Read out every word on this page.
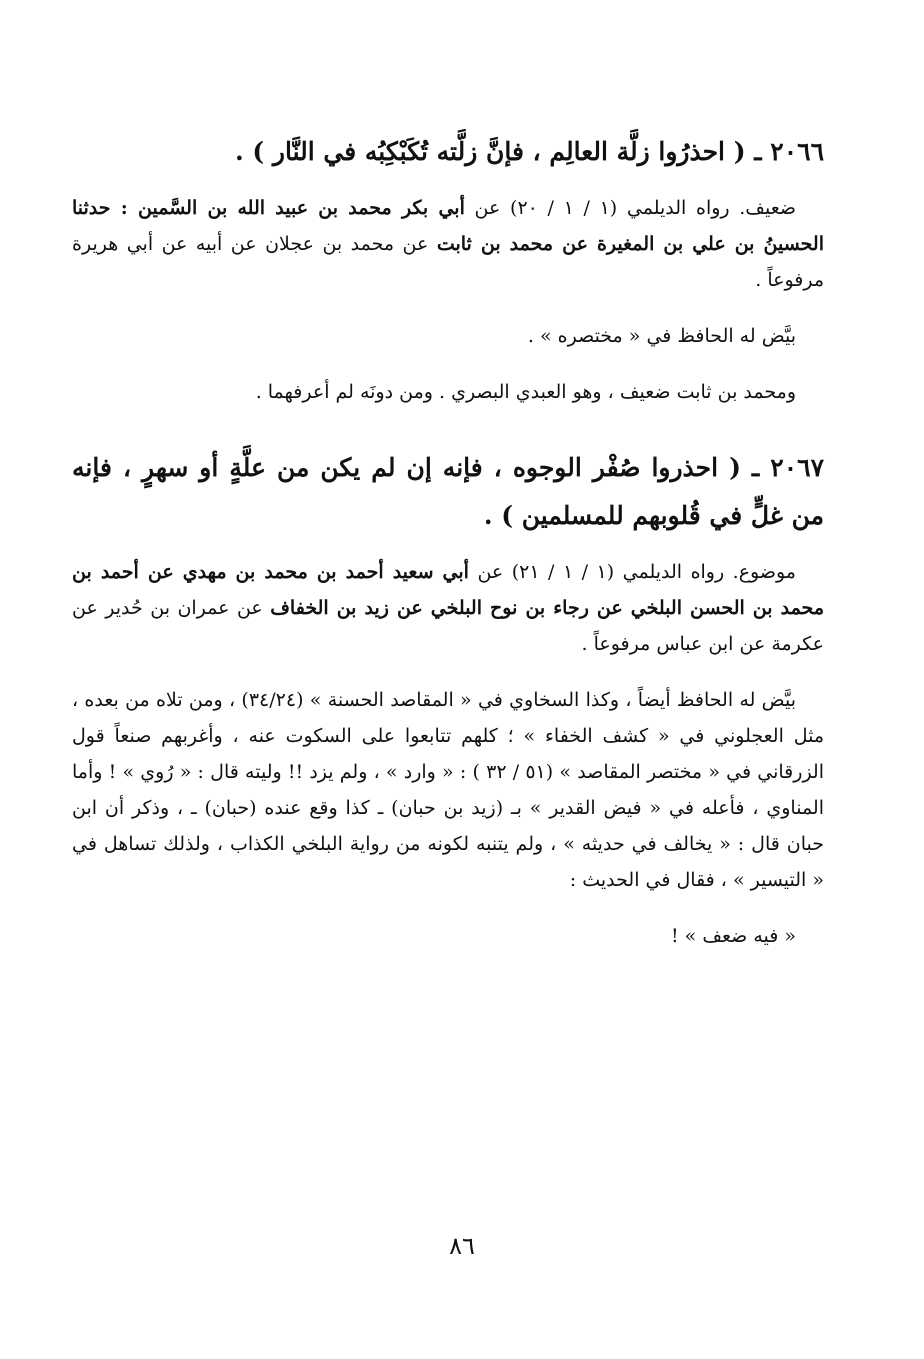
٢٠٦٦ ـ ( احذرُوا زلَّة العالِم ، فإنَّ زلَّته تُكَبْكِبُه في النَّار ) .

ضعيف. رواه الديلمي (١ / ١ / ٢٠) عن أبي بكر محمد بن عبيد الله بن السَّمين : حدثنا الحسينُ بن علي بن المغيرة عن محمد بن ثابت عن محمد بن عجلان عن أبيه عن أبي هريرة مرفوعاً .

بيَّض له الحافظ في « مختصره » .

ومحمد بن ثابت ضعيف ، وهو العبدي البصري . ومن دونَه لم أعرفهما .

٢٠٦٧ ـ ( احذروا صُفْر الوجوه ، فإنه إن لم يكن من علَّةٍ أو سهرٍ ، فإنه من غلٍّ في قُلوبهم للمسلمين ) .

موضوع. رواه الديلمي (١ / ١ / ٢١) عن أبي سعيد أحمد بن محمد بن مهدي عن أحمد بن محمد بن الحسن البلخي عن رجاء بن نوح البلخي عن زيد بن الخفاف عن عمران بن حُدير عن عكرمة عن ابن عباس مرفوعاً .

بيَّض له الحافظ أيضاً ، وكذا السخاوي في « المقاصد الحسنة » (٣٤/٢٤) ، ومن تلاه من بعده ، مثل العجلوني في « كشف الخفاء » ؛ كلهم تتابعوا على السكوت عنه ، وأغربهم صنعاً قول الزرقاني في « مختصر المقاصد » (٥١ / ٣٢ ) : « وارد » ، ولم يزد !! وليته قال : « رُوي » ! وأما المناوي ، فأعله في « فيض القدير » بـ (زيد بن حبان) ـ كذا وقع عنده (حبان) ـ ، وذكر أن ابن حبان قال : « يخالف في حديثه » ، ولم يتنبه لكونه من رواية البلخي الكذاب ، ولذلك تساهل في « التيسير » ، فقال في الحديث :

« فيه ضعف » !

٨٦
